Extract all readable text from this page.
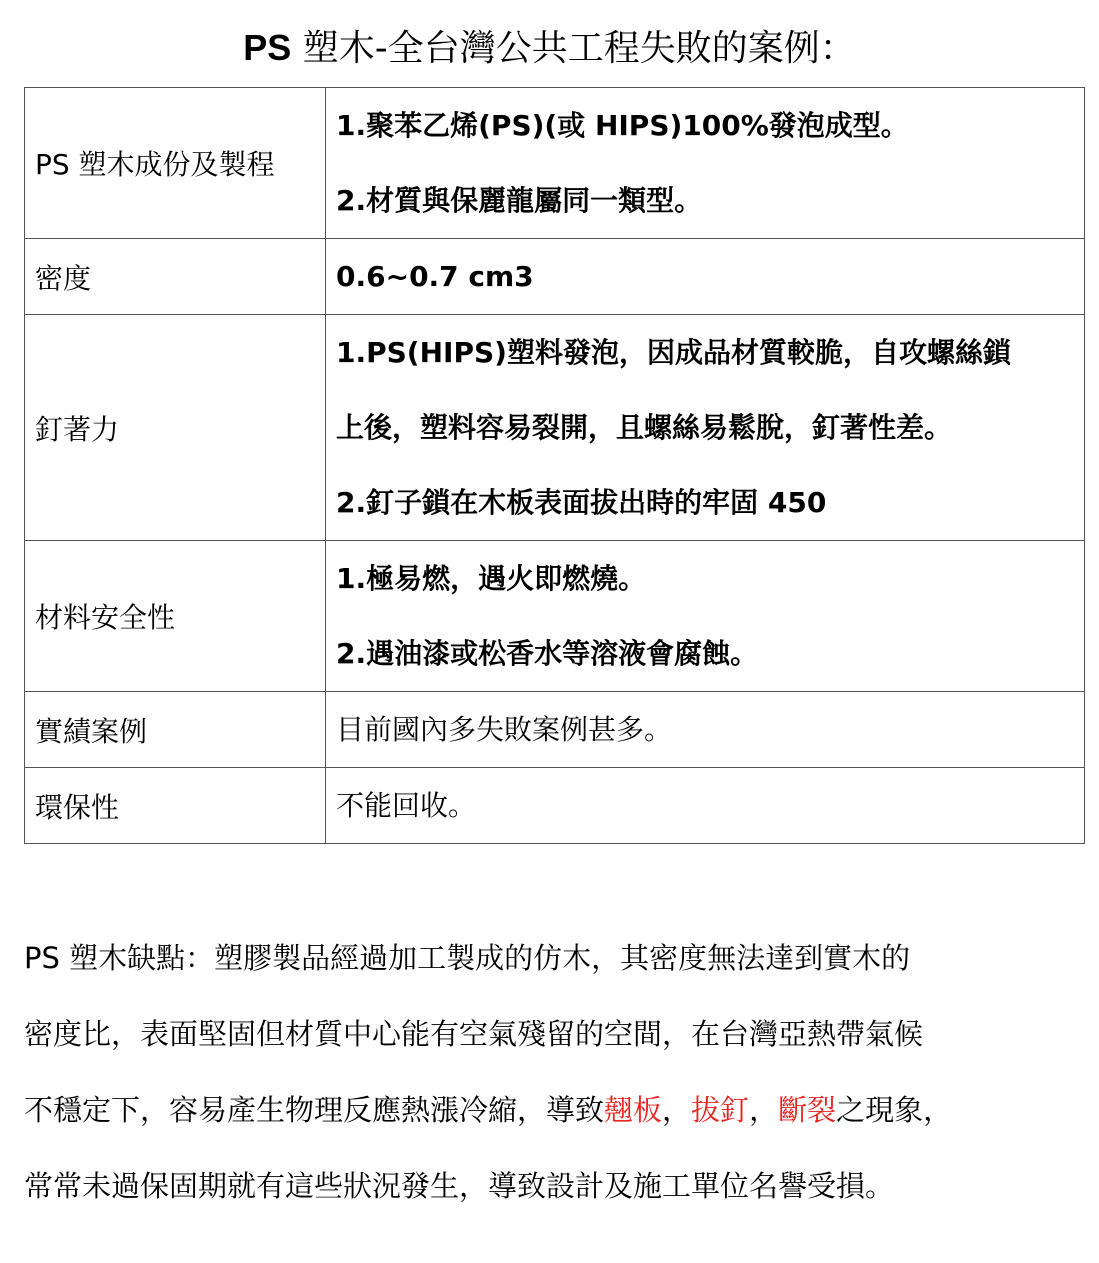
PS 塑木-全台灣公共工程失敗的案例：
PS 塑木成份及製程	1.聚苯乙烯(PS)(或 HIPS)100%發泡成型。
2.材質與保麗龍屬同一類型。

密度	0.6~0.7 cm3

釘著力	1.PS(HIPS)塑料發泡，因成品材質較脆，自攻螺絲鎖
上後，塑料容易裂開，且螺絲易鬆脫，釘著性差。
2.釘子鎖在木板表面拔出時的牢固 450

材料安全性	1.極易燃，遇火即燃燒。
2.遇油漆或松香水等溶液會腐蝕。

實績案例	目前國內多失敗案例甚多。

環保性	不能回收。
PS 塑木缺點：塑膠製品經過加工製成的仿木，其密度無法達到實木的
密度比，表面堅固但材質中心能有空氣殘留的空間，在台灣亞熱帶氣候
不穩定下，容易產生物理反應熱漲冷縮，導致翹板，拔釘，斷裂之現象，
常常未過保固期就有這些狀況發生，導致設計及施工單位名譽受損。
